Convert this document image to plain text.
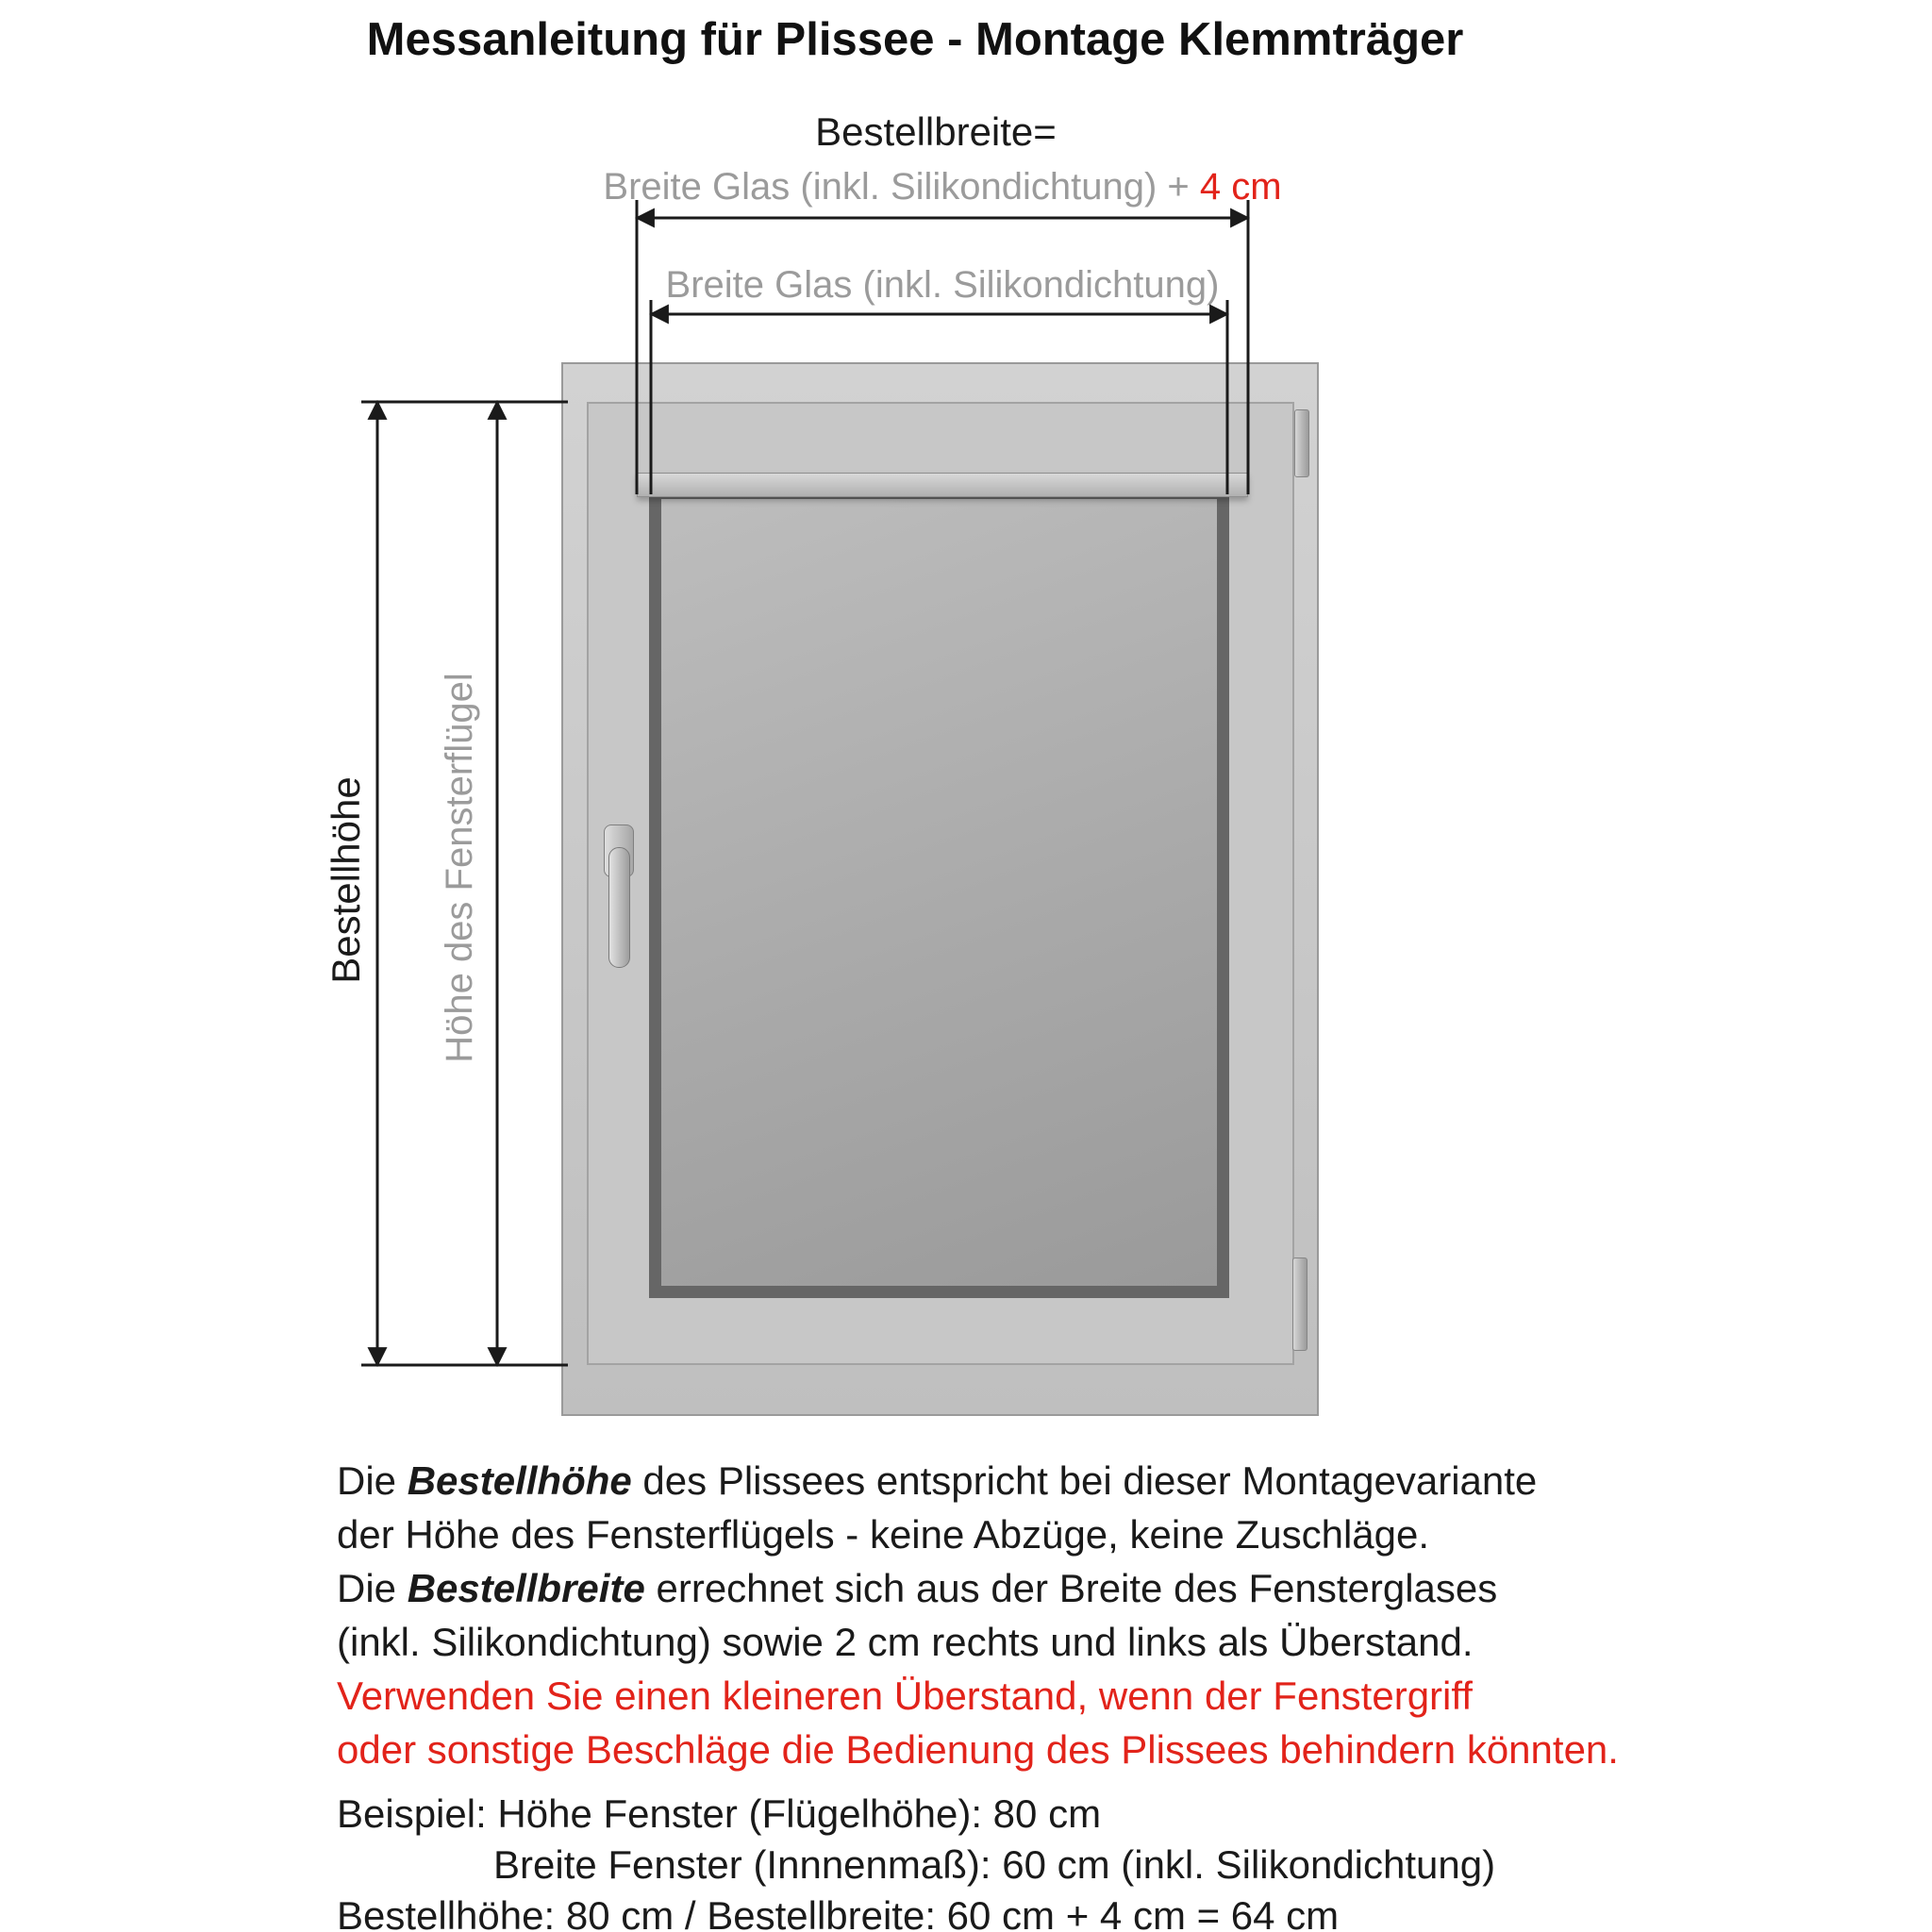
Messanleitung für Plissee - Montage Klemmträger
Bestellbreite=
Breite Glas (inkl. Silikondichtung) + 4 cm
Breite Glas (inkl. Silikondichtung)
Bestellhöhe Höhe des Fensterflügel
Die Bestellhöhe des Plissees entspricht bei dieser Montagevariante
der Höhe des Fensterflügels - keine Abzüge, keine Zuschläge.
Die Bestellbreite errechnet sich aus der Breite des Fensterglases
(inkl. Silikondichtung) sowie 2 cm rechts und links als Überstand.
Verwenden Sie einen kleineren Überstand, wenn der Fenstergriff
oder sonstige Beschläge die Bedienung des Plissees behindern könnten.
Beispiel: Höhe Fenster (Flügelhöhe): 80 cm
Breite Fenster (Innnenmaß): 60 cm (inkl. Silikondichtung)
Bestellhöhe: 80 cm / Bestellbreite: 60 cm + 4 cm = 64 cm
